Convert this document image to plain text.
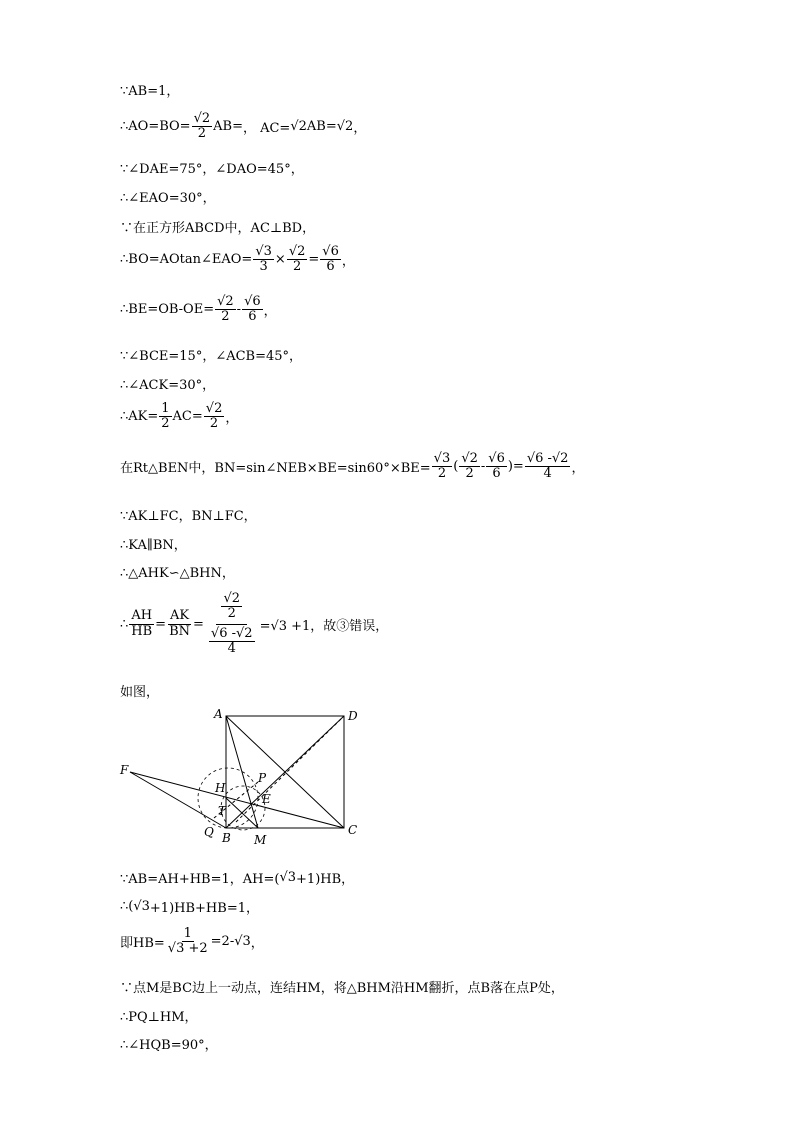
∵AB=1，
∴AO=BO= $\frac{√2}{2} AB=$ ， AC= √2 AB= √2 ，
∵∠DAE=75°，∠DAO=45°，
∴∠EAO=30°，
∵在正方形ABCD中，AC⊥BD，
∴BO=AOtan∠EAO= $\frac{√3}{3} \times \frac{√2}{2} = \frac{√6}{6}$ ，
∴BE=OB-OE= $\frac{√2}{2} - \frac{√6}{6}$ ，
∵∠BCE=15°，∠ACB=45°，
∴∠ACK=30°，
∴AK= $\frac{1}{2} AC= \frac{√2}{2}$ ，
在Rt△BEN中，BN=sin∠NEB×BE=sin60°×BE= $\frac{√3}{2}$ ( $\frac{√2}{2} - \frac{√6}{6}$ )= $\frac{√6 -√2}{4}$ ，
∵AK⊥FC，BN⊥FC，
∴KA∥BN，
∴△AHK∽△BHN，
∴ $\frac{AH}{HB} = \frac{AK}{BN} = \frac{\frac{√2}{2}}{\frac{√6 -√2}{4}} =√3 +1$，故③错误，
如图，
A	D
F
P
H
E
T
Q B M
C
∵AB=AH+HB=1，AH=( √3 +1)HB，
∴( √3 +1)HB+HB=1，
即$HB= \frac{1}{√3 +2} =2-$ √3 ，
∵点M是BC边上一动点，连结HM，将△BHM沿HM翻折，点B落在点P处，
∴PQ⊥HM，
∴∠HQB=90°，
